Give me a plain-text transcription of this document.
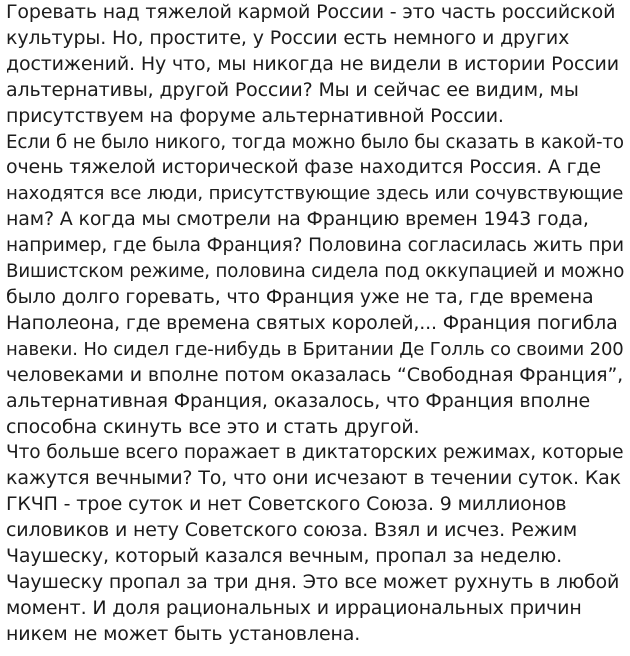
Горевать над тяжелой кармой России - это часть российской
культуры. Но, простите, у России есть немного и других
достижений. Ну что, мы никогда не видели в истории России
альтернативы, другой России? Мы и сейчас ее видим, мы
присутствуем на форуме альтернативной России.
Если б не было никого, тогда можно было бы сказать в какой-то
очень тяжелой исторической фазе находится Россия. А где
находятся все люди, присутствующие здесь или сочувствующие
нам? А когда мы смотрели на Францию времен 1943 года,
например, где была Франция? Половина согласилась жить при
Вишистском режиме, половина сидела под оккупацией и можно
было долго горевать, что Франция уже не та, где времена
Наполеона, где времена святых королей,... Франция погибла
навеки. Но сидел где-нибудь в Британии Де Голль со своими 200
человеками и вполне потом оказалась “Свободная Франция”,
альтернативная Франция, оказалось, что Франция вполне
способна скинуть все это и стать другой.
Что больше всего поражает в диктаторских режимах, которые
кажутся вечными? То, что они исчезают в течении суток. Как
ГКЧП - трое суток и нет Советского Союза. 9 миллионов
силовиков и нету Советского союза. Взял и исчез. Режим
Чаушеску, который казался вечным, пропал за неделю.
Чаушеску пропал за три дня. Это все может рухнуть в любой
момент. И доля рациональных и иррациональных причин
никем не может быть установлена.
